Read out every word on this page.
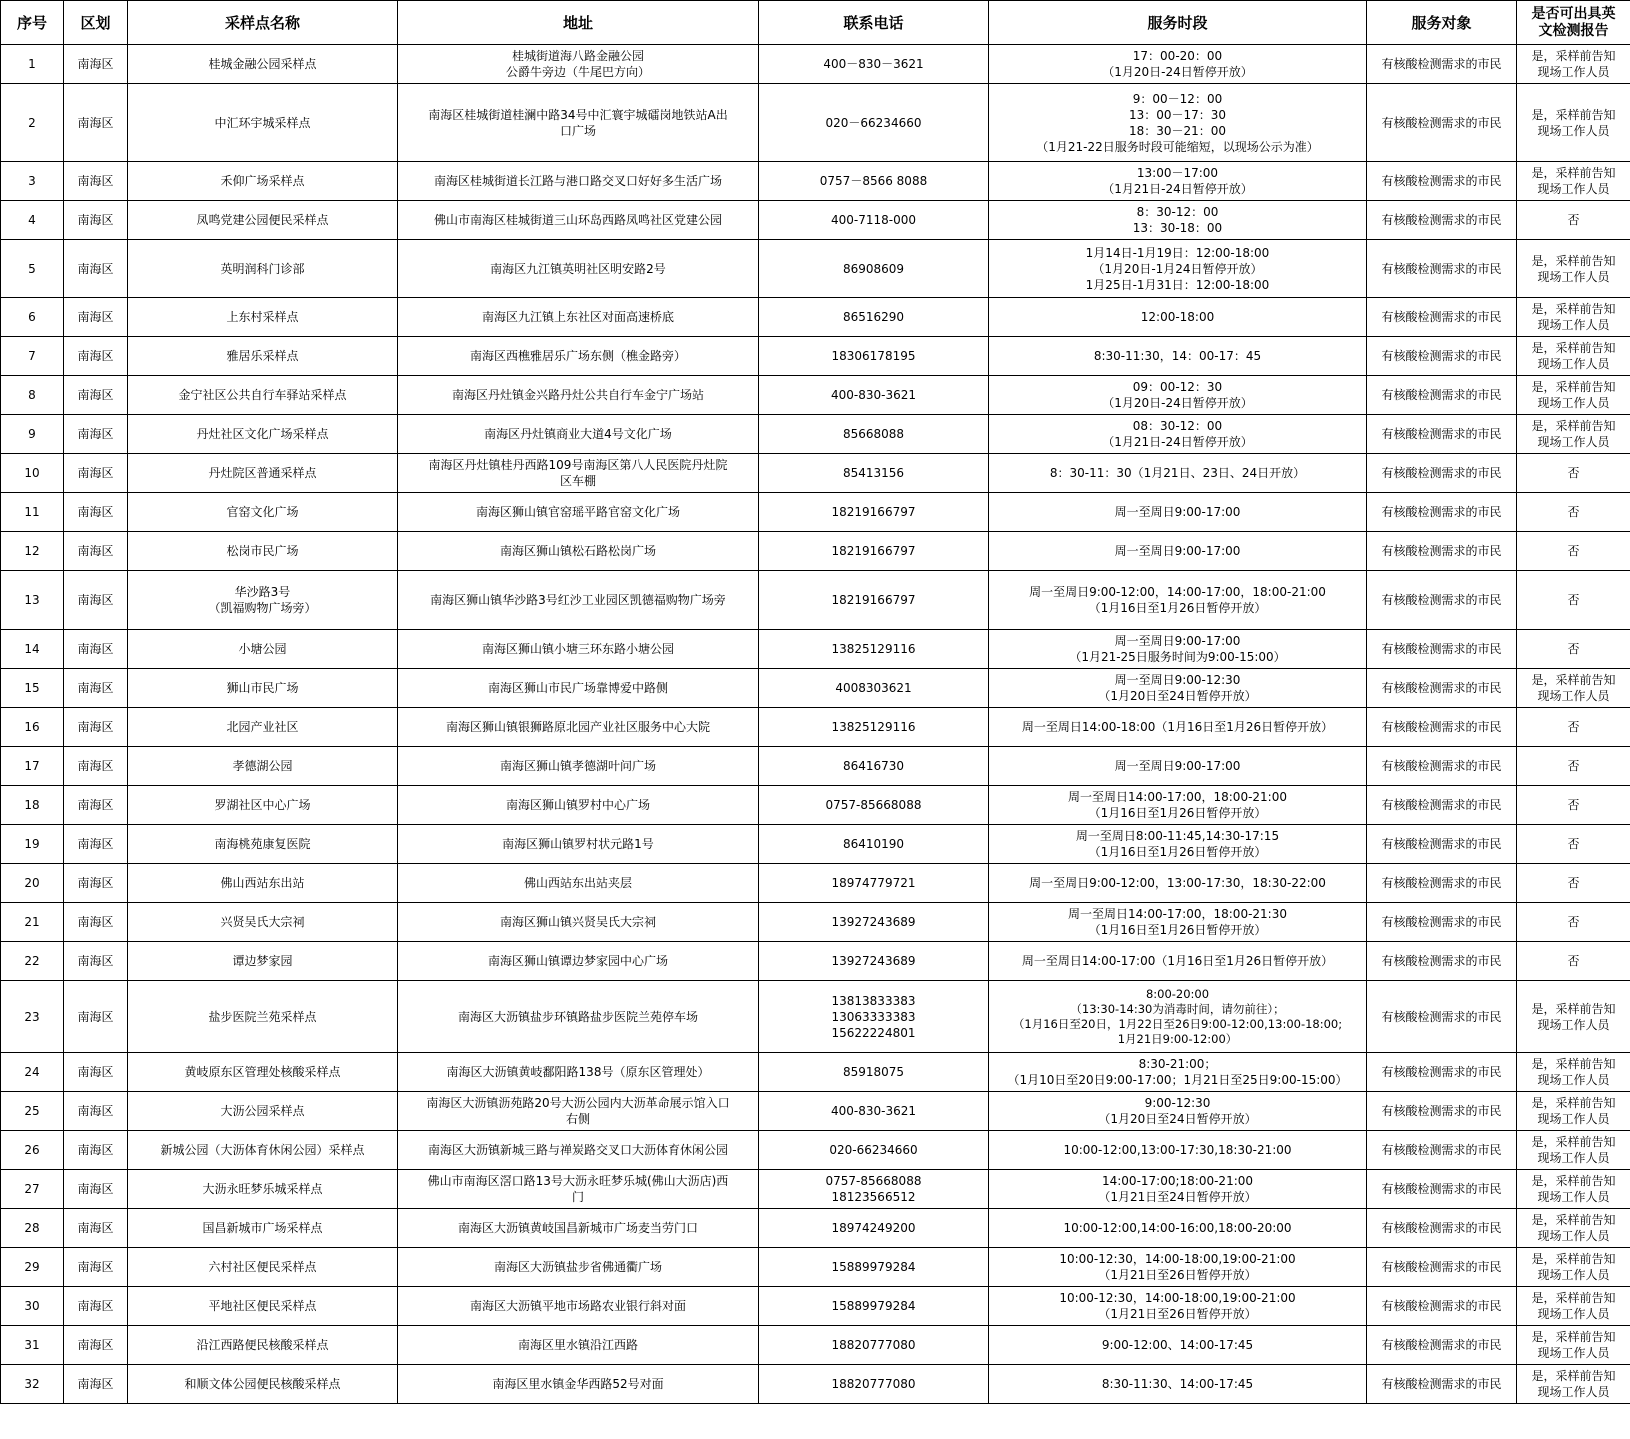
序号	区划	采样点名称	地址	联系电话	服务时段	服务对象	是否可出具英
文检测报告
1	南海区	桂城金融公园采样点	桂城街道海八路金融公园
公爵牛旁边（牛尾巴方向）	400－830－3621	17：00-20：00
（1月20日-24日暂停开放）	有核酸检测需求的市民	是，采样前告知
现场工作人员
2	南海区	中汇环宇城采样点	南海区桂城街道桂澜中路34号中汇寰宇城礌岗地铁站A出
口广场	020－66234660	9：00－12：00
13：00－17：30
18：30－21：00
（1月21-22日服务时段可能缩短，以现场公示为准）	有核酸检测需求的市民	是，采样前告知
现场工作人员
3	南海区	禾仰广场采样点	南海区桂城街道长江路与港口路交叉口好好多生活广场	0757－8566 8088	13:00－17:00
（1月21日-24日暂停开放）	有核酸检测需求的市民	是，采样前告知
现场工作人员
4	南海区	凤鸣党建公园便民采样点	佛山市南海区桂城街道三山环岛西路凤鸣社区党建公园	400-7118-000	8：30-12：00
13：30-18：00	有核酸检测需求的市民	否
5	南海区	英明润科门诊部	南海区九江镇英明社区明安路2号	86908609	1月14日-1月19日：12:00-18:00
（1月20日-1月24日暂停开放）
1月25日-1月31日：12:00-18:00	有核酸检测需求的市民	是，采样前告知
现场工作人员
6	南海区	上东村采样点	南海区九江镇上东社区对面高速桥底	86516290	12:00-18:00	有核酸检测需求的市民	是，采样前告知
现场工作人员
7	南海区	雅居乐采样点	南海区西樵雅居乐广场东侧（樵金路旁）	18306178195	8:30-11:30，14：00-17：45	有核酸检测需求的市民	是，采样前告知
现场工作人员
8	南海区	金宁社区公共自行车驿站采样点	南海区丹灶镇金兴路丹灶公共自行车金宁广场站	400-830-3621	09：00-12：30
（1月20日-24日暂停开放）	有核酸检测需求的市民	是，采样前告知
现场工作人员
9	南海区	丹灶社区文化广场采样点	南海区丹灶镇商业大道4号文化广场	85668088	08：30-12：00
（1月21日-24日暂停开放）	有核酸检测需求的市民	是，采样前告知
现场工作人员
10	南海区	丹灶院区普通采样点	南海区丹灶镇桂丹西路109号南海区第八人民医院丹灶院
区车棚	85413156	8：30-11：30（1月21日、23日、24日开放）	有核酸检测需求的市民	否
11	南海区	官窑文化广场	南海区狮山镇官窑瑶平路官窑文化广场	18219166797	周一至周日9:00-17:00	有核酸检测需求的市民	否
12	南海区	松岗市民广场	南海区狮山镇松石路松岗广场	18219166797	周一至周日9:00-17:00	有核酸检测需求的市民	否
13	南海区	华沙路3号
（凯福购物广场旁）	南海区狮山镇华沙路3号红沙工业园区凯德福购物广场旁	18219166797	周一至周日9:00-12:00，14:00-17:00，18:00-21:00
（1月16日至1月26日暂停开放）	有核酸检测需求的市民	否
14	南海区	小塘公园	南海区狮山镇小塘三环东路小塘公园	13825129116	周一至周日9:00-17:00
（1月21-25日服务时间为9:00-15:00）	有核酸检测需求的市民	否
15	南海区	狮山市民广场	南海区狮山市民广场靠博爱中路侧	4008303621	周一至周日9:00-12:30
（1月20日至24日暂停开放）	有核酸检测需求的市民	是，采样前告知
现场工作人员
16	南海区	北园产业社区	南海区狮山镇银狮路原北园产业社区服务中心大院	13825129116	周一至周日14:00-18:00（1月16日至1月26日暂停开放）	有核酸检测需求的市民	否
17	南海区	孝德湖公园	南海区狮山镇孝德湖叶问广场	86416730	周一至周日9:00-17:00	有核酸检测需求的市民	否
18	南海区	罗湖社区中心广场	南海区狮山镇罗村中心广场	0757-85668088	周一至周日14:00-17:00，18:00-21:00
（1月16日至1月26日暂停开放）	有核酸检测需求的市民	否
19	南海区	南海桃苑康复医院	南海区狮山镇罗村状元路1号	86410190	周一至周日8:00-11:45,14:30-17:15
（1月16日至1月26日暂停开放）	有核酸检测需求的市民	否
20	南海区	佛山西站东出站	佛山西站东出站夹层	18974779721	周一至周日9:00-12:00，13:00-17:30，18:30-22:00	有核酸检测需求的市民	否
21	南海区	兴贤吴氏大宗祠	南海区狮山镇兴贤吴氏大宗祠	13927243689	周一至周日14:00-17:00，18:00-21:30
（1月16日至1月26日暂停开放）	有核酸检测需求的市民	否
22	南海区	谭边梦家园	南海区狮山镇谭边梦家园中心广场	13927243689	周一至周日14:00-17:00（1月16日至1月26日暂停开放）	有核酸检测需求的市民	否
23	南海区	盐步医院兰苑采样点	南海区大沥镇盐步环镇路盐步医院兰苑停车场	13813833383
13063333383
15622224801	8:00-20:00
（13:30-14:30为消毒时间，请勿前往）；
（1月16日至20日，1月22日至26日9:00-12:00,13:00-18:00;
1月21日9:00-12:00）	有核酸检测需求的市民	是，采样前告知
现场工作人员
24	南海区	黄岐原东区管理处核酸采样点	南海区大沥镇黄岐鄱阳路138号（原东区管理处）	85918075	8:30-21:00；
（1月10日至20日9:00-17:00；1月21日至25日9:00-15:00）	有核酸检测需求的市民	是，采样前告知
现场工作人员
25	南海区	大沥公园采样点	南海区大沥镇沥苑路20号大沥公园内大沥革命展示馆入口
右侧	400-830-3621	9:00-12:30
（1月20日至24日暂停开放）	有核酸检测需求的市民	是，采样前告知
现场工作人员
26	南海区	新城公园（大沥体育休闲公园）采样点	南海区大沥镇新城三路与禅炭路交叉口大沥体育休闲公园	020-66234660	10:00-12:00,13:00-17:30,18:30-21:00	有核酸检测需求的市民	是，采样前告知
现场工作人员
27	南海区	大沥永旺梦乐城采样点	佛山市南海区滘口路13号大沥永旺梦乐城(佛山大沥店)西
门	0757-85668088
18123566512	14:00-17:00;18:00-21:00
（1月21日至24日暂停开放）	有核酸检测需求的市民	是，采样前告知
现场工作人员
28	南海区	国昌新城市广场采样点	南海区大沥镇黄岐国昌新城市广场麦当劳门口	18974249200	10:00-12:00,14:00-16:00,18:00-20:00	有核酸检测需求的市民	是，采样前告知
现场工作人员
29	南海区	六村社区便民采样点	南海区大沥镇盐步省佛通衢广场	15889979284	10:00-12:30，14:00-18:00,19:00-21:00
（1月21日至26日暂停开放）	有核酸检测需求的市民	是，采样前告知
现场工作人员
30	南海区	平地社区便民采样点	南海区大沥镇平地市场路农业银行斜对面	15889979284	10:00-12:30，14:00-18:00,19:00-21:00
（1月21日至26日暂停开放）	有核酸检测需求的市民	是，采样前告知
现场工作人员
31	南海区	沿江西路便民核酸采样点	南海区里水镇沿江西路	18820777080	9:00-12:00、14:00-17:45	有核酸检测需求的市民	是，采样前告知
现场工作人员
32	南海区	和顺文体公园便民核酸采样点	南海区里水镇金华西路52号对面	18820777080	8:30-11:30、14:00-17:45	有核酸检测需求的市民	是，采样前告知
现场工作人员
